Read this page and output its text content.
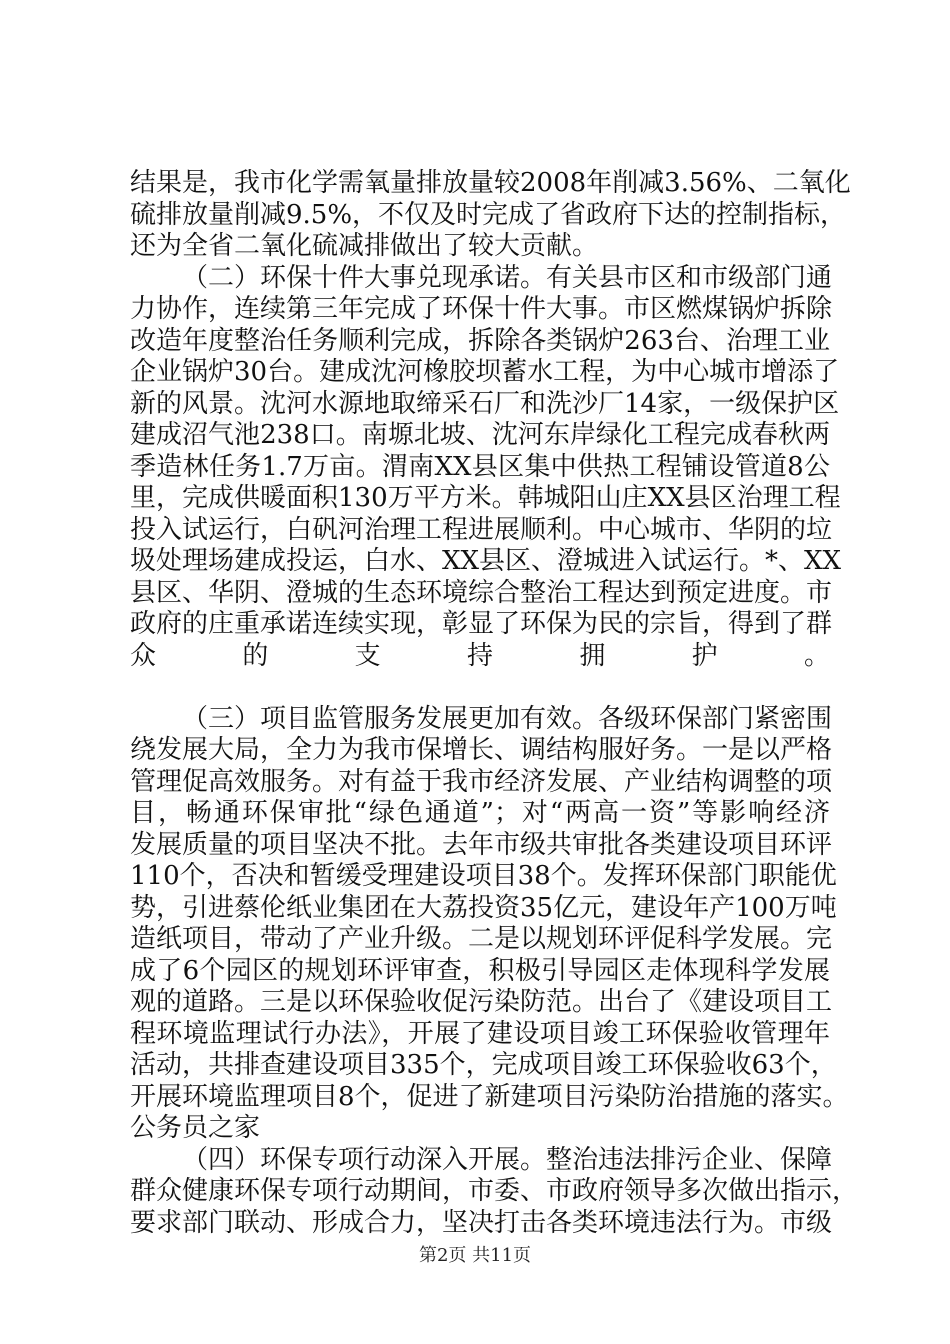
结果是，我市化学需氧量排放量较2008年削减3.56%、二氧化
硫排放量削减9.5%，不仅及时完成了省政府下达的控制指标，
还为全省二氧化硫减排做出了较大贡献。
（二）环保十件大事兑现承诺。有关县市区和市级部门通
力协作，连续第三年完成了环保十件大事。市区燃煤锅炉拆除
改造年度整治任务顺利完成，拆除各类锅炉263台、治理工业
企业锅炉30台。建成沈河橡胶坝蓄水工程，为中心城市增添了
新的风景。沈河水源地取缔采石厂和洗沙厂14家，一级保护区
建成沼气池238口。南塬北坡、沈河东岸绿化工程完成春秋两
季造林任务1.7万亩。渭南XX县区集中供热工程铺设管道8公
里，完成供暖面积130万平方米。韩城阳山庄XX县区治理工程
投入试运行，白矾河治理工程进展顺利。中心城市、华阴的垃
圾处理场建成投运，白水、XX县区、澄城进入试运行。*、XX
县区、华阴、澄城的生态环境综合整治工程达到预定进度。市
政府的庄重承诺连续实现，彰显了环保为民的宗旨，得到了群
众的支持拥护。
（三）项目监管服务发展更加有效。各级环保部门紧密围
绕发展大局，全力为我市保增长、调结构服好务。一是以严格
管理促高效服务。对有益于我市经济发展、产业结构调整的项
目，畅通环保审批“绿色通道”；对“两高一资”等影响经济
发展质量的项目坚决不批。去年市级共审批各类建设项目环评
110个，否决和暂缓受理建设项目38个。发挥环保部门职能优
势，引进蔡伦纸业集团在大荔投资35亿元，建设年产100万吨
造纸项目，带动了产业升级。二是以规划环评促科学发展。完
成了6个园区的规划环评审查，积极引导园区走体现科学发展
观的道路。三是以环保验收促污染防范。出台了《建设项目工
程环境监理试行办法》，开展了建设项目竣工环保验收管理年
活动，共排查建设项目335个，完成项目竣工环保验收63个，
开展环境监理项目8个，促进了新建项目污染防治措施的落实。
公务员之家
（四）环保专项行动深入开展。整治违法排污企业、保障
群众健康环保专项行动期间，市委、市政府领导多次做出指示，
要求部门联动、形成合力，坚决打击各类环境违法行为。市级
第2页 共11页
